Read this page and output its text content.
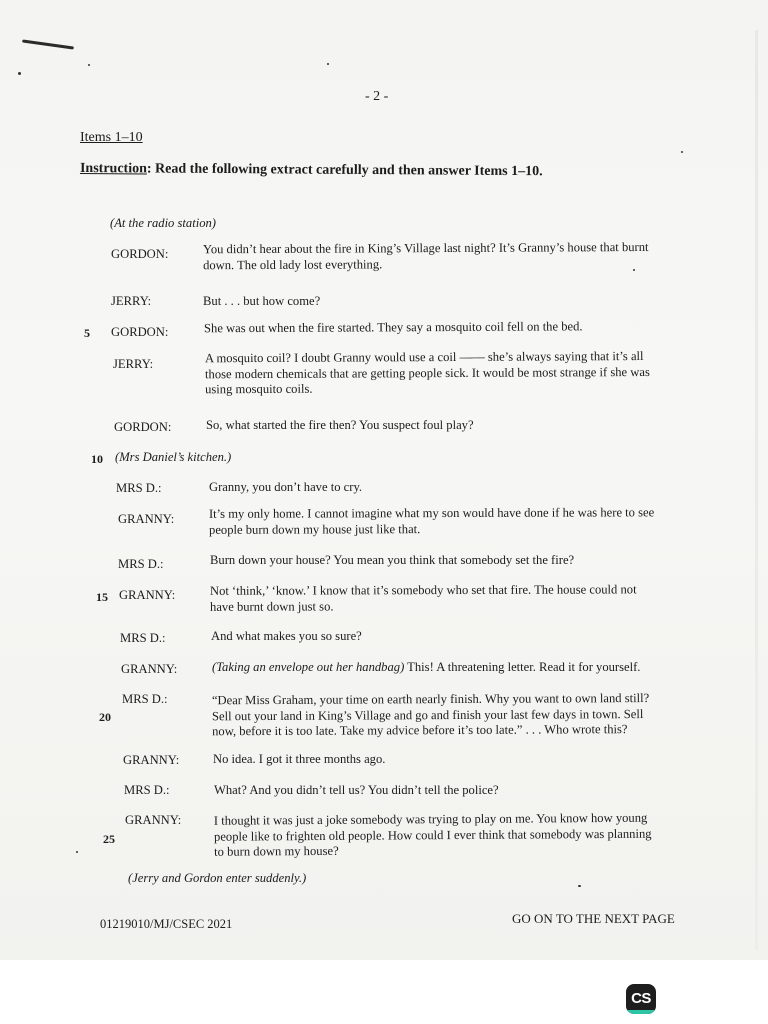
- 2 -
Items 1–10
Instruction: Read the following extract carefully and then answer Items 1–10.
(At the radio station)
GORDON:	You didn’t hear about the fire in King’s Village last night? It’s Granny’s house that burnt
down. The old lady lost everything.
JERRY:	But . . . but how come?
5 GORDON:	She was out when the fire started. They say a mosquito coil fell on the bed.
JERRY:	A mosquito coil? I doubt Granny would use a coil —— she’s always saying that it’s all
those modern chemicals that are getting people sick. It would be most strange if she was
using mosquito coils.
GORDON:	So, what started the fire then? You suspect foul play?
10 (Mrs Daniel’s kitchen.)
MRS D.:	Granny, you don’t have to cry.
GRANNY:	It’s my only home. I cannot imagine what my son would have done if he was here to see
people burn down my house just like that.
MRS D.:	Burn down your house? You mean you think that somebody set the fire?
15 GRANNY:	Not ‘think,’ ‘know.’ I know that it’s somebody who set that fire. The house could not
have burnt down just so.
MRS D.:	And what makes you so sure?
GRANNY:	(Taking an envelope out her handbag) This! A threatening letter. Read it for yourself.
MRS D.:
20
“Dear Miss Graham, your time on earth nearly finish. Why you want to own land still?
Sell out your land in King’s Village and go and finish your last few days in town. Sell
now, before it is too late. Take my advice before it’s too late.” . . . Who wrote this?
GRANNY:	No idea. I got it three months ago.
MRS D.:	What? And you didn’t tell us? You didn’t tell the police?
GRANNY:
25
I thought it was just a joke somebody was trying to play on me. You know how young
people like to frighten old people. How could I ever think that somebody was planning
to burn down my house?
(Jerry and Gordon enter suddenly.)
01219010/MJ/CSEC 2021	GO ON TO THE NEXT PAGE
CS
